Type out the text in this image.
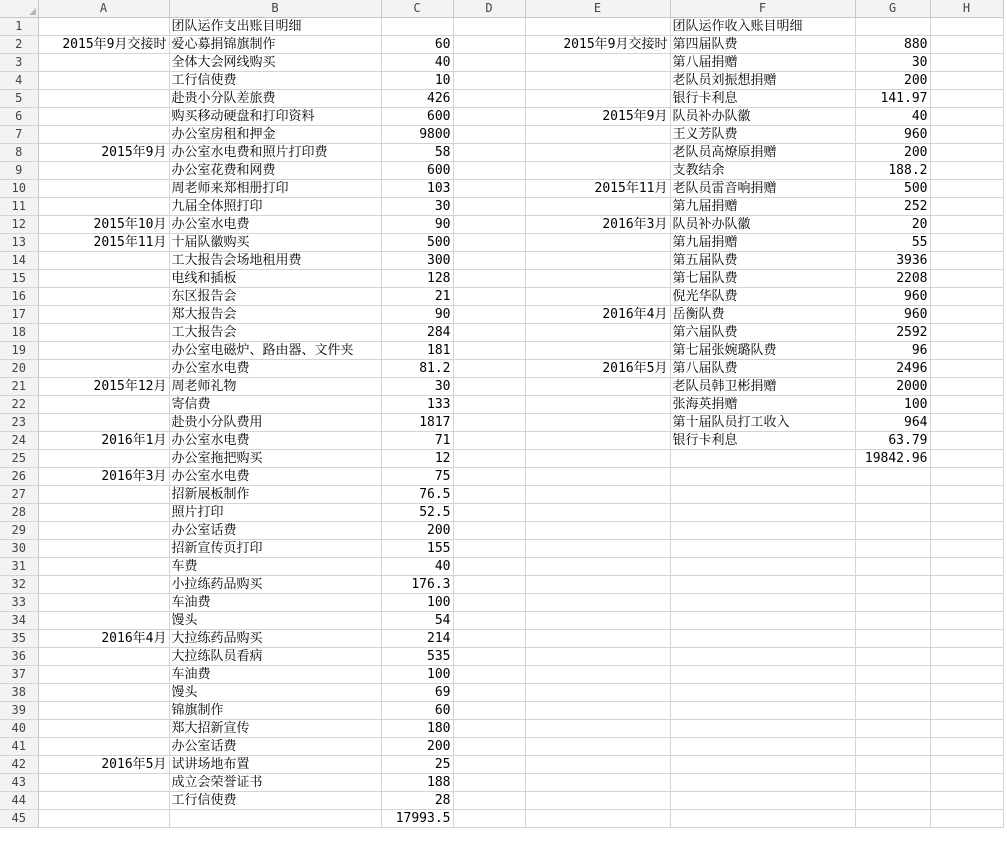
	A	B	C	D	E	F	G	H
1		团队运作支出账目明细				团队运作收入账目明细		
2	2015年9月交接时	爱心募捐锦旗制作	60		2015年9月交接时	第四届队费	880	
3		全体大会网线购买	40			第八届捐赠	30	
4		工行信使费	10			老队员刘振想捐赠	200	
5		赴贵小分队差旅费	426			银行卡利息	141.97	
6		购买移动硬盘和打印资料	600		2015年9月	队员补办队徽	40	
7		办公室房租和押金	9800			王义芳队费	960	
8	2015年9月	办公室水电费和照片打印费	58			老队员高燎原捐赠	200	
9		办公室花费和网费	600			支教结余	188.2	
10		周老师来郑相册打印	103		2015年11月	老队员雷音响捐赠	500	
11		九届全体照打印	30			第九届捐赠	252	
12	2015年10月	办公室水电费	90		2016年3月	队员补办队徽	20	
13	2015年11月	十届队徽购买	500			第九届捐赠	55	
14		工大报告会场地租用费	300			第五届队费	3936	
15		电线和插板	128			第七届队费	2208	
16		东区报告会	21			倪光华队费	960	
17		郑大报告会	90		2016年4月	岳衡队费	960	
18		工大报告会	284			第六届队费	2592	
19		办公室电磁炉、路由器、文件夹	181			第七届张婉璐队费	96	
20		办公室水电费	81.2		2016年5月	第八届队费	2496	
21	2015年12月	周老师礼物	30			老队员韩卫彬捐赠	2000	
22		寄信费	133			张海英捐赠	100	
23		赴贵小分队费用	1817			第十届队员打工收入	964	
24	2016年1月	办公室水电费	71			银行卡利息	63.79	
25		办公室拖把购买	12				19842.96	
26	2016年3月	办公室水电费	75					
27		招新展板制作	76.5					
28		照片打印	52.5					
29		办公室话费	200					
30		招新宣传页打印	155					
31		车费	40					
32		小拉练药品购买	176.3					
33		车油费	100					
34		馒头	54					
35	2016年4月	大拉练药品购买	214					
36		大拉练队员看病	535					
37		车油费	100					
38		馒头	69					
39		锦旗制作	60					
40		郑大招新宣传	180					
41		办公室话费	200					
42	2016年5月	试讲场地布置	25					
43		成立会荣誉证书	188					
44		工行信使费	28					
45			17993.5					
